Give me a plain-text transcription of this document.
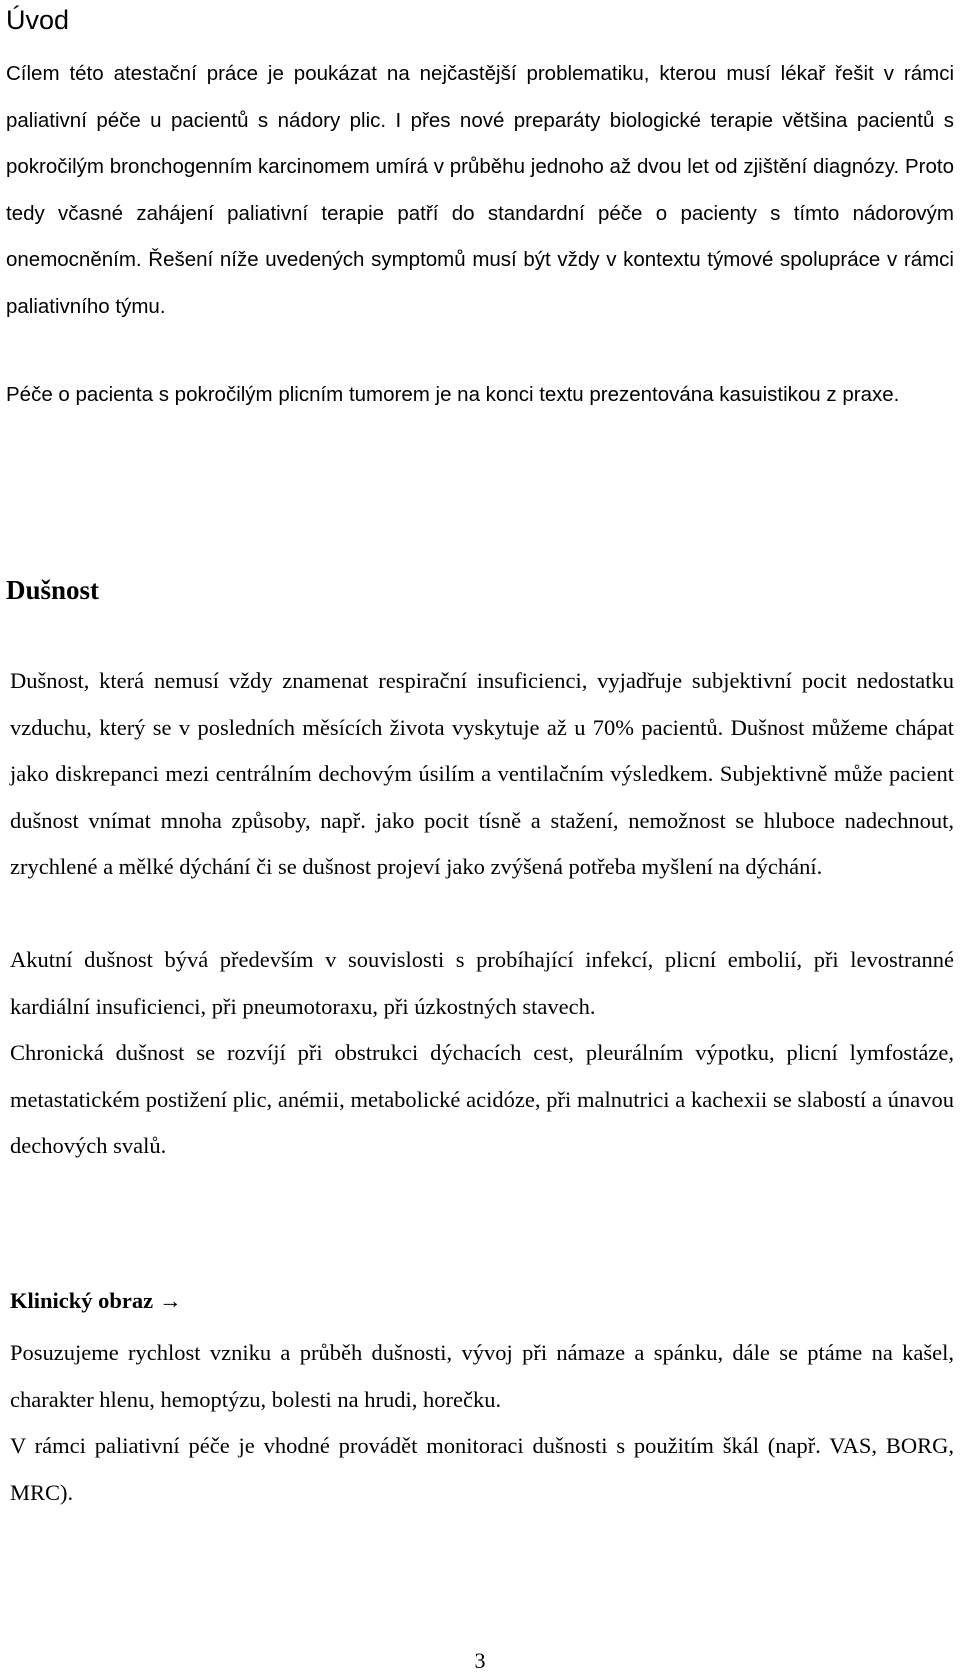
Úvod

Cílem této atestační práce je poukázat na nejčastější problematiku, kterou musí lékař řešit v rámci paliativní péče u pacientů s nádory plic. I přes nové preparáty biologické terapie většina pacientů s pokročilým bronchogenním karcinomem umírá v průběhu jednoho až dvou let od zjištění diagnózy. Proto tedy včasné zahájení paliativní terapie patří do standardní péče o pacienty s tímto nádorovým onemocněním. Řešení níže uvedených symptomů musí být vždy v kontextu týmové spolupráce v rámci paliativního týmu.

Péče o pacienta s pokročilým plicním tumorem je na konci textu prezentována kasuistikou z praxe.

Dušnost

Dušnost, která nemusí vždy znamenat respirační insuficienci, vyjadřuje subjektivní pocit nedostatku vzduchu, který se v posledních měsících života vyskytuje až u 70% pacientů. Dušnost můžeme chápat jako diskrepanci mezi centrálním dechovým úsilím a ventilačním výsledkem. Subjektivně může pacient dušnost vnímat mnoha způsoby, např. jako pocit tísně a stažení, nemožnost se hluboce nadechnout, zrychlené a mělké dýchání či se dušnost projeví jako zvýšená potřeba myšlení na dýchání.

Akutní dušnost bývá především v souvislosti s probíhající infekcí, plicní embolií, při levostranné kardiální insuficienci, při pneumotoraxu, při úzkostných stavech.

Chronická dušnost se rozvíjí při obstrukci dýchacích cest, pleurálním výpotku, plicní lymfostáze, metastatickém postižení plic, anémii, metabolické acidóze, při malnutrici a kachexii se slabostí a únavou dechových svalů.

Klinický obraz →

Posuzujeme rychlost vzniku a průběh dušnosti, vývoj při námaze a spánku, dále se ptáme na kašel, charakter hlenu, hemoptýzu, bolesti na hrudi, horečku.

V rámci paliativní péče je vhodné provádět monitoraci dušnosti s použitím škál (např. VAS, BORG, MRC).

3
